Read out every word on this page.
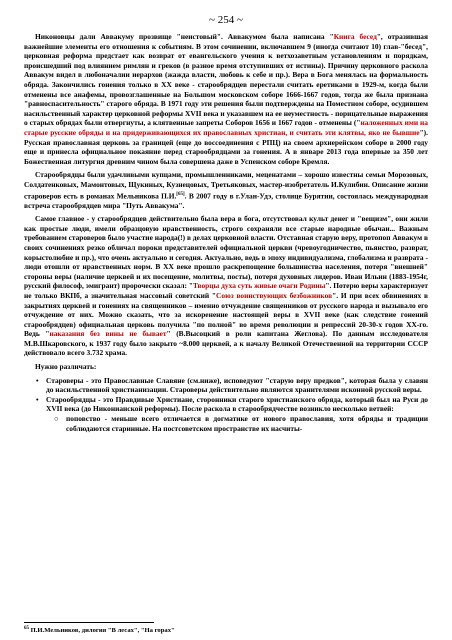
~ 254 ~

Никоновцы дали Аввакуму прозвище "неистовый". Аввакумом была написана "Книга бесед", отразившая важнейшие элементы его отношения к событиям. В этом сочинении, включавшем 9 (иногда считают 10) глав-"бесед", церковная реформа предстает как возврат от евангельского учения к ветхозаветным установлениям и порядкам, происшедший под влиянием римлян и греков (в разное время отступивших от истины). Причину церковного раскола Аввакум видел в любоначалии иерархов (жажда власти, любовь к себе и пр.). Вера в Бога менялась на формальность обряда. Закончились гонения только в XX веке - старообрядцев перестали считать еретиками в 1929-м, когда были отменены все анафемы, провозглашенные на Большом московском соборе 1666-1667 годов, тогда же была признана "равноспасительность" старого обряда. В 1971 году эти решения были подтверждены на Поместном соборе, осудившем насильственный характер церковной реформы XVII века и указавшем на ее неуместность - порицательные выражения о старых обрядах были отвергнуты, а клятвенные запреты Соборов 1656 и 1667 годов - отменены ("наложенных ими на старые русские обряды и на придерживающихся их православных христиан, и считать эти клятвы, яко не бывшие"). Русская православная церковь за границей (еще до воссоединения с РПЦ) на своем архиерейском соборе в 2000 году еще и принесла официальное покаяние перед старообрядцами за гонения. А в январе 2013 года впервые за 350 лет Божественная литургия древним чином была совершена даже в Успенском соборе Кремля.

Старообрядцы были удачливыми купцами, промышленниками, меценатами – хорошо известны семьи Морозовых, Солдатенковых, Мамонтовых, Щукиных, Кузнецовых, Третьяковых, мастер-изобретатель И.Кулибин. Описание жизни староверов есть в романах Мельникова П.И.[65]. В 2007 году в г.Улан-Удэ, столице Бурятии, состоялась международная встреча старообрядцев мира "Путь Аввакума".

Самое главное - у старообрядцев действительно была вера в бога, отсутствовал культ денег и "вещизм", они жили как простые люди, имели образцовую нравственность, строго сохраняли все старые народные обычаи... Важным требованием староверов было участие народа(!) в делах церковной власти. Отставная старую веру, протопоп Аввакум в своих сочинениях резко обличал пороки представителей официальной церкви (чревоугодничество, пьянство, разврат, корыстолюбие и пр.), что очень актуально и сегодня. Актуально, ведь в эпоху индивидуализма, глобализма и разврата - люди отошли от нравственных норм. В XX веке прошло раскрепощение большинства населения, потеря "внешней" стороны веры (наличие церквей и их посещение, молитвы, посты), потеря духовных лидеров. Иван Ильин (1883-1954г, русский философ, эмигрант) пророчески сказал: "Творцы духа суть живые очаги Родины". Потерю веры характеризует не только ВКПб, а значительная массовый советский "Союз воинствующих безбожников". И при всех обвинениях в закрытиях церквей и гонениях на священников – именно отчуждение священников от русского народа и вызывало его отчуждение от них. Можно сказать, что за искоренение настоящей веры в XVII веке (как следствие гонений старообрядцев) официальная церковь получила "по полной" во время революции и репрессий 20-30-х годов XX-го. Ведь "наказания без вины не бывает" (В.Высоцкий в роли капитана Жеглова). По данным исследователя М.В.Шкаровского, к 1937 году было закрыто ~8.000 церквей, а к началу Великой Отечественной на территории СССР действовало всего 3.732 храма.

Нужно различать:

• Староверы - это Православные Славяне (см.ниже), исповедуют "старую веру предков", которая была у славян до насильственной христианизации. Староверы действительно являются хранителями исконной русской веры.

• Старообрядцы - это Правдивые Христиане, сторонники старого христианского обряда, который был на Руси до XVII века (до Никонианской реформы). После раскола в старообрядчестве возникло несколько ветвей:

○ поповство - меньше всего отличается в догматике от нового православия, хотя обряды и традиции соблюдаются старинные. На постсоветском пространстве их насчиты-

$^{65}$ П.И.Мельников, дилогия "В лесах", "На горах"
